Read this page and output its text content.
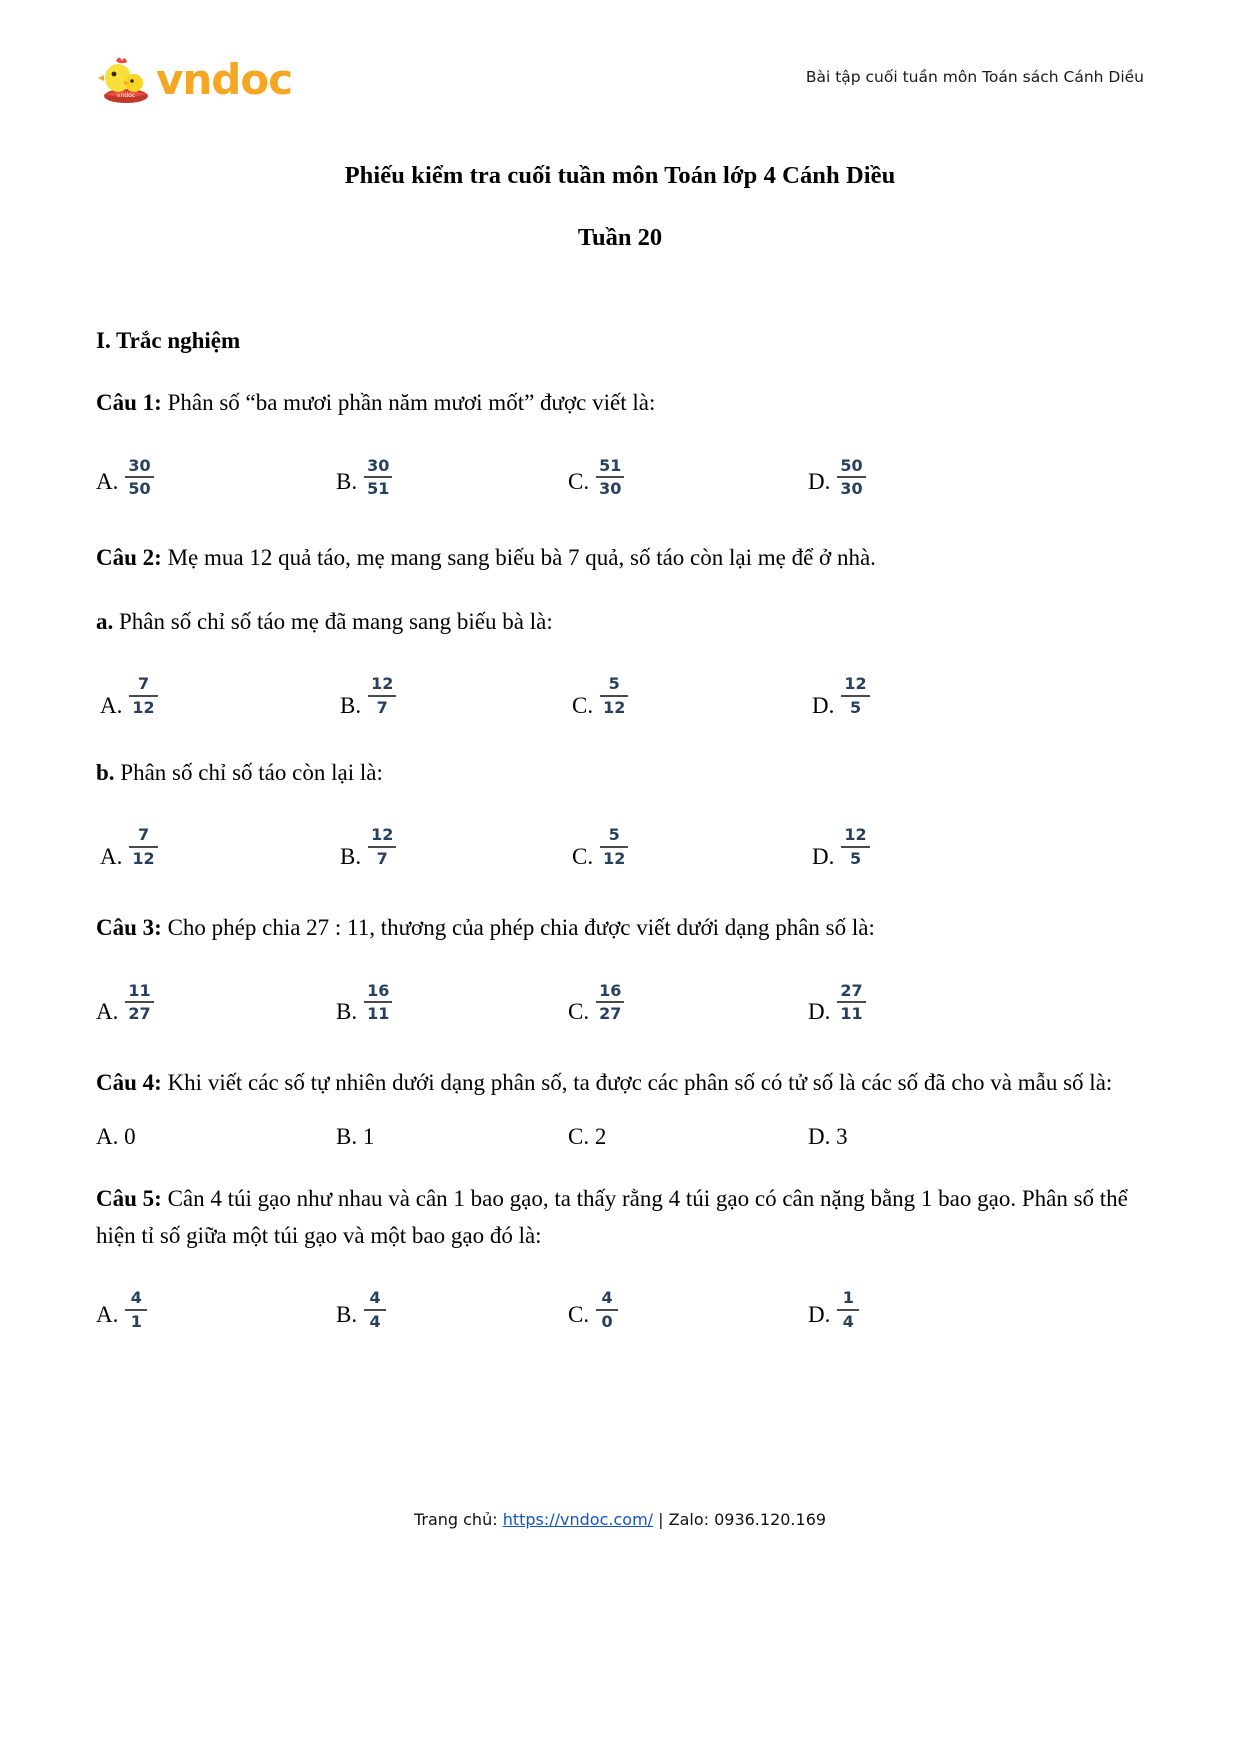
vndoc vndoc	Bài tập cuối tuần môn Toán sách Cánh Diều
Phiếu kiểm tra cuối tuần môn Toán lớp 4 Cánh Diều
Tuần 20
I. Trắc nghiệm
Câu 1: Phân số “ba mươi phần năm mươi mốt” được viết là:
A. $\frac{30}{50}$	B. $\frac{30}{51}$	C. $\frac{51}{30}$	D. $\frac{50}{30}$
Câu 2: Mẹ mua 12 quả táo, mẹ mang sang biếu bà 7 quả, số táo còn lại mẹ để ở nhà.
a. Phân số chỉ số táo mẹ đã mang sang biếu bà là:
A. $\frac{7}{12}$	B. $\frac{12}{7}$	C. $\frac{5}{12}$	D. $\frac{12}{5}$
b. Phân số chỉ số táo còn lại là:
A. $\frac{7}{12}$	B. $\frac{12}{7}$	C. $\frac{5}{12}$	D. $\frac{12}{5}$
Câu 3: Cho phép chia 27 : 11, thương của phép chia được viết dưới dạng phân số là:
A. $\frac{11}{27}$	B. $\frac{16}{11}$	C. $\frac{16}{27}$	D. $\frac{27}{11}$
Câu 4: Khi viết các số tự nhiên dưới dạng phân số, ta được các phân số có tử số là các số đã cho và mẫu số là:
A. 0	B. 1	C. 2	D. 3
Câu 5: Cân 4 túi gạo như nhau và cân 1 bao gạo, ta thấy rằng 4 túi gạo có cân nặng bằng 1 bao gạo. Phân số thể hiện tỉ số giữa một túi gạo và một bao gạo đó là:
A. $\frac{4}{1}$	B. $\frac{4}{4}$	C. $\frac{4}{0}$	D. $\frac{1}{4}$
Trang chủ: https://vndoc.com/ | Zalo: 0936.120.169
